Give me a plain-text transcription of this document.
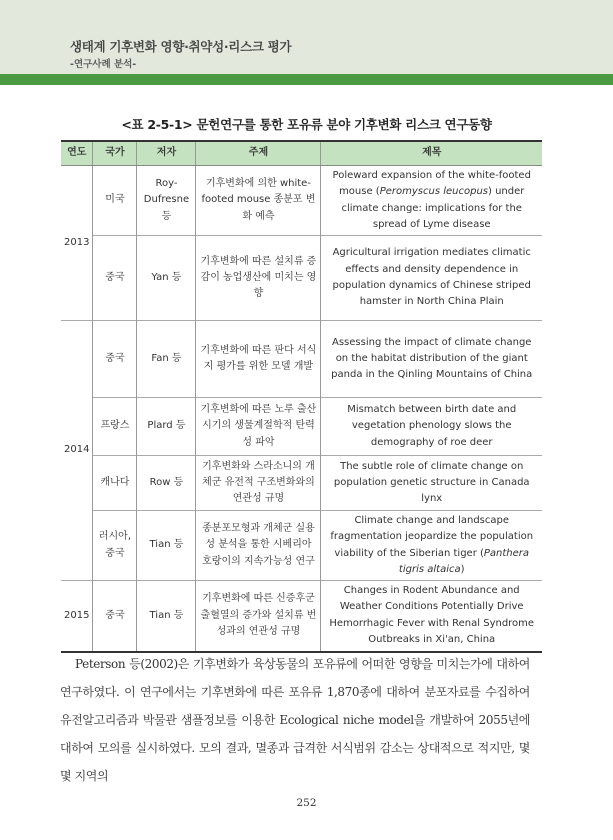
생태계 기후변화 영향·취약성·리스크 평가
-연구사례 분석-
<표 2-5-1> 문헌연구를 통한 포유류 분야 기후변화 리스크 연구동향
연도	국가	저자	주제	제목
2013	미국	Roy-Dufresne 등	기후변화에 의한 white-footed mouse 종분포 변화 예측	Poleward expansion of the white-footed mouse (Peromyscus leucopus) under climate change: implications for the spread of Lyme disease
	중국	Yan 등	기후변화에 따른 설치류 증감이 농업생산에 미치는 영향	Agricultural irrigation mediates climatic effects and density dependence in population dynamics of Chinese striped hamster in North China Plain
2014	중국	Fan 등	기후변화에 따른 판다 서식지 평가를 위한 모델 개발	Assessing the impact of climate change on the habitat distribution of the giant panda in the Qinling Mountains of China
	프랑스	Plard 등	기후변화에 따른 노루 출산 시기의 생물계절학적 탄력성 파악	Mismatch between birth date and vegetation phenology slows the demography of roe deer
	캐나다	Row 등	기후변화와 스라소니의 개체군 유전적 구조변화와의 연관성 규명	The subtle role of climate change on population genetic structure in Canada lynx
	러시아, 중국	Tian 등	종분포모형과 개체군 실용성 분석을 통한 시베리아 호랑이의 지속가능성 연구	Climate change and landscape fragmentation jeopardize the population viability of the Siberian tiger (Panthera tigris altaica)
2015	중국	Tian 등	기후변화에 따른 신증후군출혈열의 증가와 설치류 번성과의 연관성 규명	Changes in Rodent Abundance and Weather Conditions Potentially Drive Hemorrhagic Fever with Renal Syndrome Outbreaks in Xi'an, China

Peterson 등(2002)은 기후변화가 육상동물의 포유류에 어떠한 영향을 미치는가에 대하여 연구하였다. 이 연구에서는 기후변화에 따른 포유류 1,870종에 대하여 분포자료를 수집하여 유전알고리즘과 박물관 샘플정보를 이용한 Ecological niche model을 개발하여 2055년에 대하여 모의를 실시하였다. 모의 결과, 멸종과 급격한 서식범위 감소는 상대적으로 적지만, 몇몇 지역의

252
